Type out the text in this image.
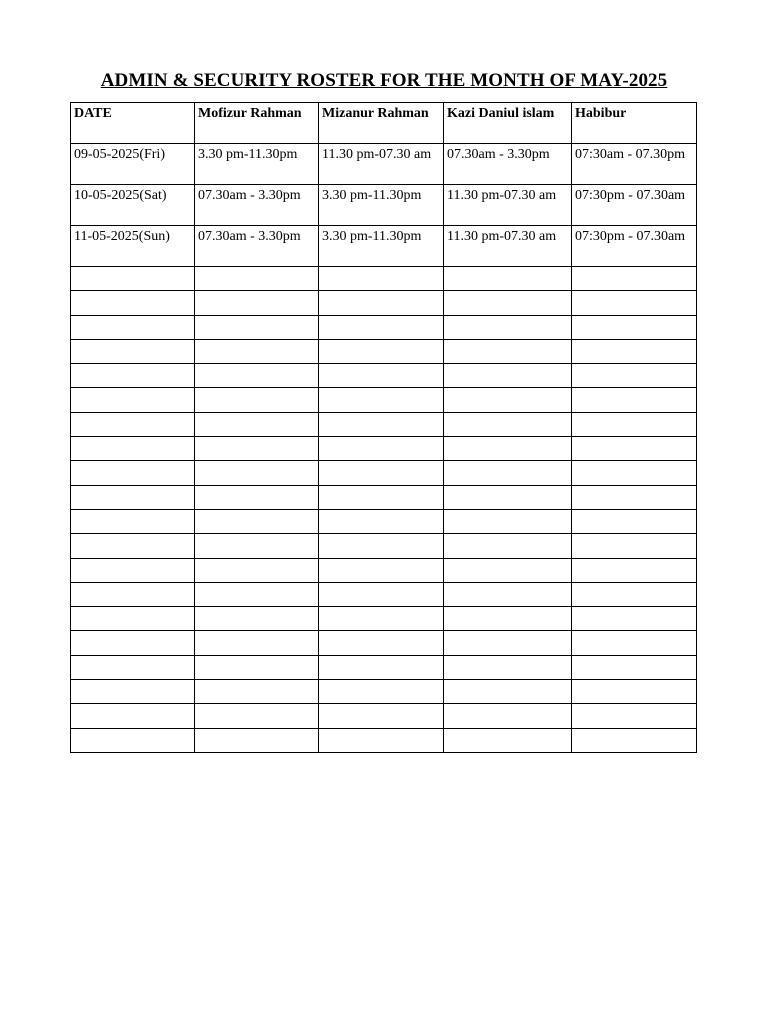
ADMIN & SECURITY ROSTER FOR THE MONTH OF MAY-2025
DATE	Mofizur Rahman	Mizanur Rahman	Kazi Daniul islam	Habibur
09-05-2025(Fri)	3.30 pm-11.30pm	11.30 pm-07.30 am	07.30am - 3.30pm	07:30am - 07.30pm
10-05-2025(Sat)	07.30am - 3.30pm	3.30 pm-11.30pm	11.30 pm-07.30 am	07:30pm - 07.30am
11-05-2025(Sun)	07.30am - 3.30pm	3.30 pm-11.30pm	11.30 pm-07.30 am	07:30pm - 07.30am
